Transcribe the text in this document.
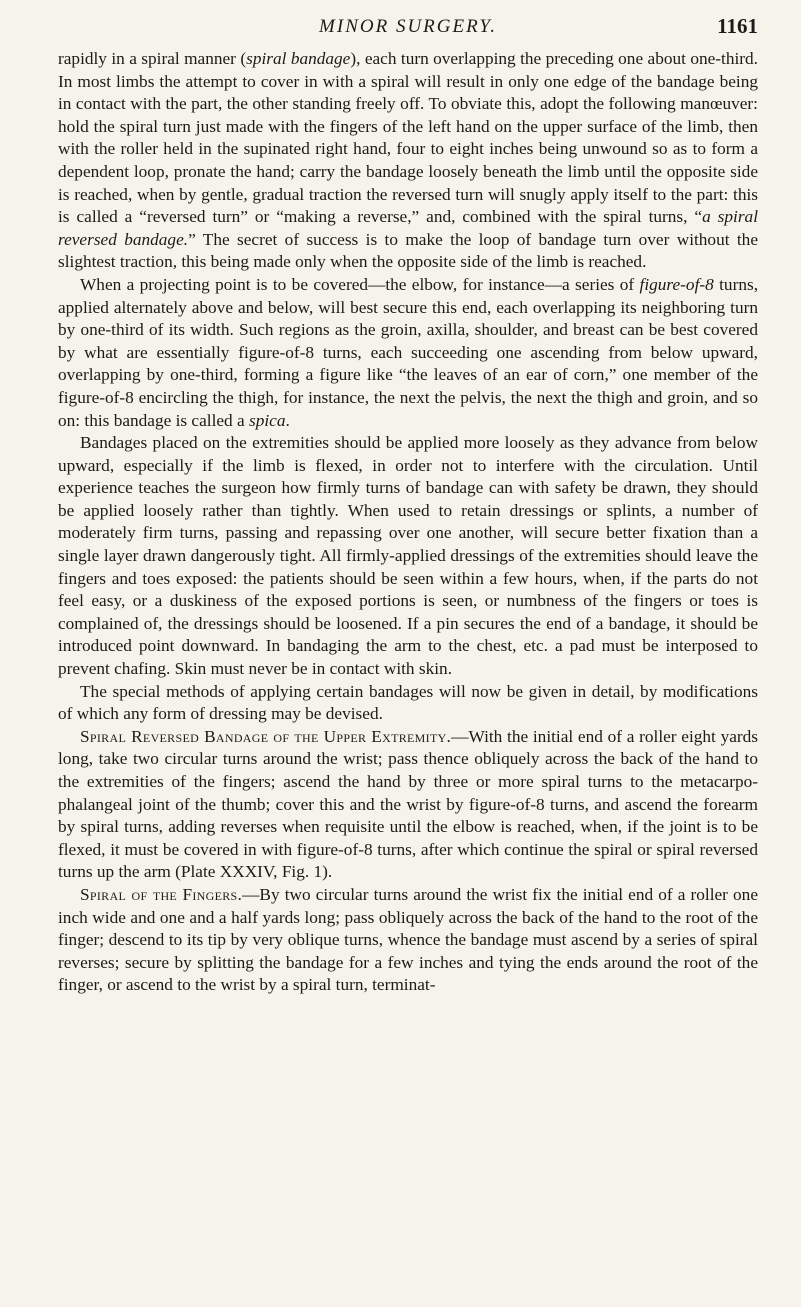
MINOR SURGERY.	1161

rapidly in a spiral manner (spiral bandage), each turn overlapping the preceding one about one-third. In most limbs the attempt to cover in with a spiral will result in only one edge of the bandage being in contact with the part, the other standing freely off. To obviate this, adopt the following manœuver: hold the spiral turn just made with the fingers of the left hand on the upper surface of the limb, then with the roller held in the supinated right hand, four to eight inches being unwound so as to form a dependent loop, pronate the hand; carry the bandage loosely beneath the limb until the opposite side is reached, when by gentle, gradual traction the reversed turn will snugly apply itself to the part: this is called a “reversed turn” or “making a reverse,” and, combined with the spiral turns, “a spiral reversed bandage.” The secret of success is to make the loop of bandage turn over without the slightest traction, this being made only when the opposite side of the limb is reached.

When a projecting point is to be covered—the elbow, for instance—a series of figure-of-8 turns, applied alternately above and below, will best secure this end, each overlapping its neighboring turn by one-third of its width. Such regions as the groin, axilla, shoulder, and breast can be best covered by what are essentially figure-of-8 turns, each succeeding one ascending from below upward, overlapping by one-third, forming a figure like “the leaves of an ear of corn,” one member of the figure-of-8 encircling the thigh, for instance, the next the pelvis, the next the thigh and groin, and so on: this bandage is called a spica.

Bandages placed on the extremities should be applied more loosely as they advance from below upward, especially if the limb is flexed, in order not to interfere with the circulation. Until experience teaches the surgeon how firmly turns of bandage can with safety be drawn, they should be applied loosely rather than tightly. When used to retain dressings or splints, a number of moderately firm turns, passing and repassing over one another, will secure better fixation than a single layer drawn dangerously tight. All firmly-applied dressings of the extremities should leave the fingers and toes exposed: the patients should be seen within a few hours, when, if the parts do not feel easy, or a duskiness of the exposed portions is seen, or numbness of the fingers or toes is complained of, the dressings should be loosened. If a pin secures the end of a bandage, it should be introduced point downward. In bandaging the arm to the chest, etc. a pad must be interposed to prevent chafing. Skin must never be in contact with skin.

The special methods of applying certain bandages will now be given in detail, by modifications of which any form of dressing may be devised.

Spiral Reversed Bandage of the Upper Extremity.—With the initial end of a roller eight yards long, take two circular turns around the wrist; pass thence obliquely across the back of the hand to the extremities of the fingers; ascend the hand by three or more spiral turns to the metacarpo-phalangeal joint of the thumb; cover this and the wrist by figure-of-8 turns, and ascend the forearm by spiral turns, adding reverses when requisite until the elbow is reached, when, if the joint is to be flexed, it must be covered in with figure-of-8 turns, after which continue the spiral or spiral reversed turns up the arm (Plate XXXIV, Fig. 1).

Spiral of the Fingers.—By two circular turns around the wrist fix the initial end of a roller one inch wide and one and a half yards long; pass obliquely across the back of the hand to the root of the finger; descend to its tip by very oblique turns, whence the bandage must ascend by a series of spiral reverses; secure by splitting the bandage for a few inches and tying the ends around the root of the finger, or ascend to the wrist by a spiral turn, terminat-
